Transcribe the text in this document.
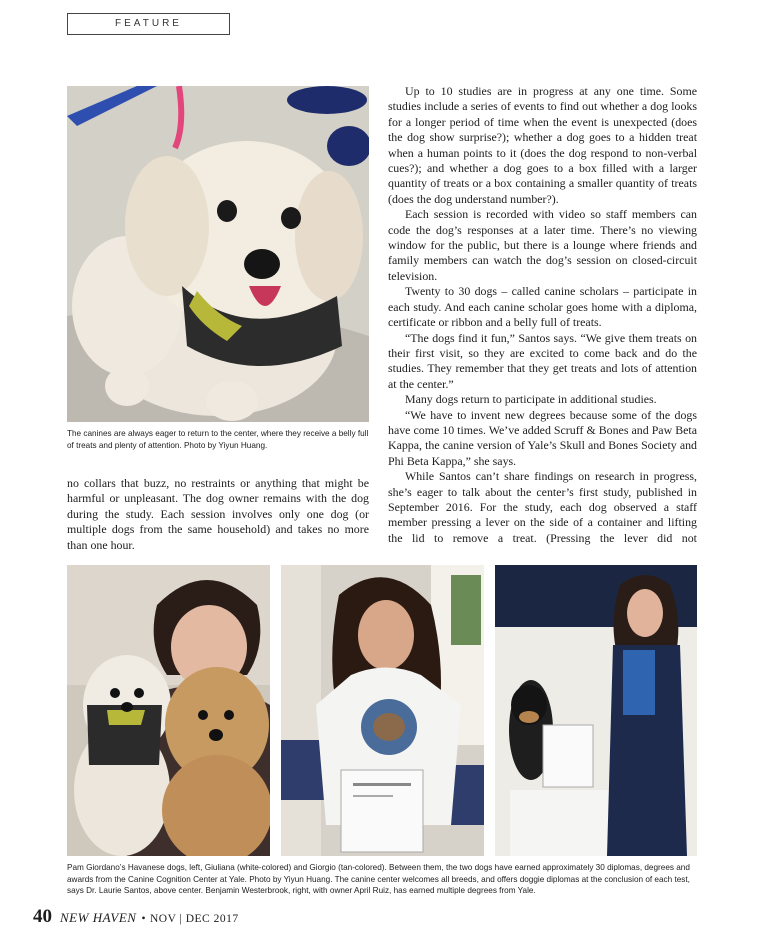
FEATURE
The canines are always eager to return to the center, where they receive a belly full of treats and plenty of attention. Photo by Yiyun Huang.

Up to 10 studies are in progress at any one time. Some studies include a series of events to find out whether a dog looks for a longer period of time when the event is unexpected (does the dog show surprise?); whether a dog goes to a hidden treat when a human points to it (does the dog respond to non-verbal cues?); and whether a dog goes to a box filled with a larger quantity of treats or a box containing a smaller quantity of treats (does the dog understand number?).

Each session is recorded with video so staff members can code the dog’s responses at a later time. There’s no viewing window for the public, but there is a lounge where friends and family members can watch the dog’s session on closed-circuit television.

Twenty to 30 dogs – called canine scholars – participate in each study. And each canine scholar goes home with a diploma, certificate or ribbon and a belly full of treats.

“The dogs find it fun,” Santos says. “We give them treats on their first visit, so they are excited to come back and do the studies. They remember that they get treats and lots of attention at the center.”

Many dogs return to participate in additional studies.

“We have to invent new degrees because some of the dogs have come 10 times. We’ve added Scruff & Bones and Paw Beta Kappa, the canine version of Yale’s Skull and Bones Society and Phi Beta Kappa,” she says.

While Santos can’t share findings on research in progress, she’s eager to talk about the center’s first study, published in September 2016. For the study, each dog observed a staff member pressing a lever on the side of a container and lifting the lid to remove a treat. (Pressing the lever did not

no collars that buzz, no restraints or anything that might be harmful or unpleasant. The dog owner remains with the dog during the study. Each session involves only one dog (or multiple dogs from the same household) and takes no more than one hour.

Pam Giordano’s Havanese dogs, left, Giuliana (white-colored) and Giorgio (tan-colored). Between them, the two dogs have earned approximately 30 diplomas, degrees and awards from the Canine Cognition Center at Yale. Photo by Yiyun Huang. The canine center welcomes all breeds, and offers doggie diplomas at the conclusion of each test, says Dr. Laurie Santos, above center. Benjamin Westerbrook, right, with owner April Ruiz, has earned multiple degrees from Yale.
40 NEW HAVEN • NOV | DEC 2017
